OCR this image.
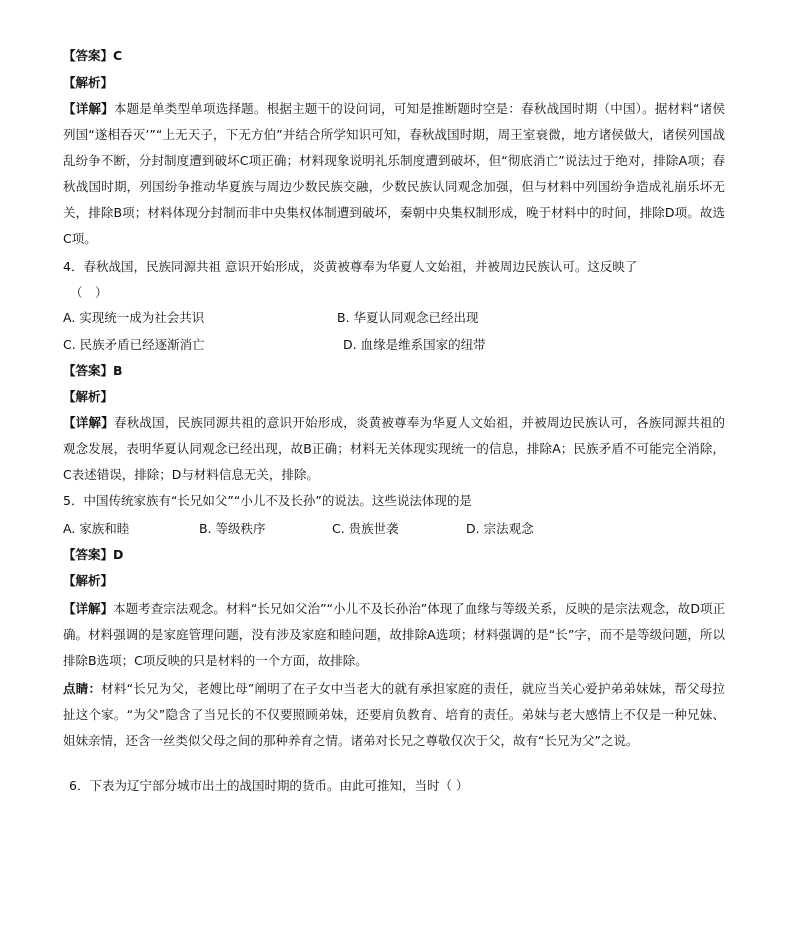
【答案】C
【解析】
【详解】本题是单类型单项选择题。根据主题干的设问词，可知是推断题时空是：春秋战国时期（中国）。据材料“诸侯列国“遂相吞灭’”“上无天子，下无方伯”并结合所学知识可知，春秋战国时期，周王室衰微，地方诸侯做大，诸侯列国战乱纷争不断，分封制度遭到破坏C项正确；材料现象说明礼乐制度遭到破坏，但“彻底消亡”说法过于绝对，排除A项；春秋战国时期，列国纷争推动华夏族与周边少数民族交融，少数民族认同观念加强，但与材料中列国纷争造成礼崩乐坏无关，排除B项；材料体现分封制而非中央集权体制遭到破坏，秦朝中央集权制形成，晚于材料中的时间，排除D项。故选C项。
4．春秋战国，民族同源共祖 意识开始形成，炎黄被尊奉为华夏人文始祖，并被周边民族认可。这反映了
（　）
A. 实现统一成为社会共识	B. 华夏认同观念已经出现
C. 民族矛盾已经逐渐消亡	D. 血缘是维系国家的纽带
【答案】B
【解析】
【详解】春秋战国，民族同源共祖的意识开始形成，炎黄被尊奉为华夏人文始祖，并被周边民族认可，各族同源共祖的观念发展，表明华夏认同观念已经出现，故B正确；材料无关体现实现统一的信息，排除A；民族矛盾不可能完全消除，C表述错误，排除；D与材料信息无关，排除。
5．中国传统家族有“长兄如父”“小儿不及长孙”的说法。这些说法体现的是
A. 家族和睦	B. 等级秩序	C. 贵族世袭	D. 宗法观念
【答案】D
【解析】
【详解】本题考查宗法观念。材料“长兄如父治”“小儿不及长孙治”体现了血缘与等级关系，反映的是宗法观念，故D项正确。材料强调的是家庭管理问题，没有涉及家庭和睦问题，故排除A选项；材料强调的是“长”字，而不是等级问题，所以排除B选项；C项反映的只是材料的一个方面，故排除。
点睛：材料“长兄为父，老嫂比母”阐明了在子女中当老大的就有承担家庭的责任，就应当关心爱护弟弟妹妹，帮父母拉扯这个家。“为父”隐含了当兄长的不仅要照顾弟妹，还要肩负教育、培育的责任。弟妹与老大感情上不仅是一种兄妹、姐妹亲情，还含一丝类似父母之间的那种养育之情。诸弟对长兄之尊敬仅次于父，故有“长兄为父”之说。
6．下表为辽宁部分城市出土的战国时期的货币。由此可推知，当时（ ）
